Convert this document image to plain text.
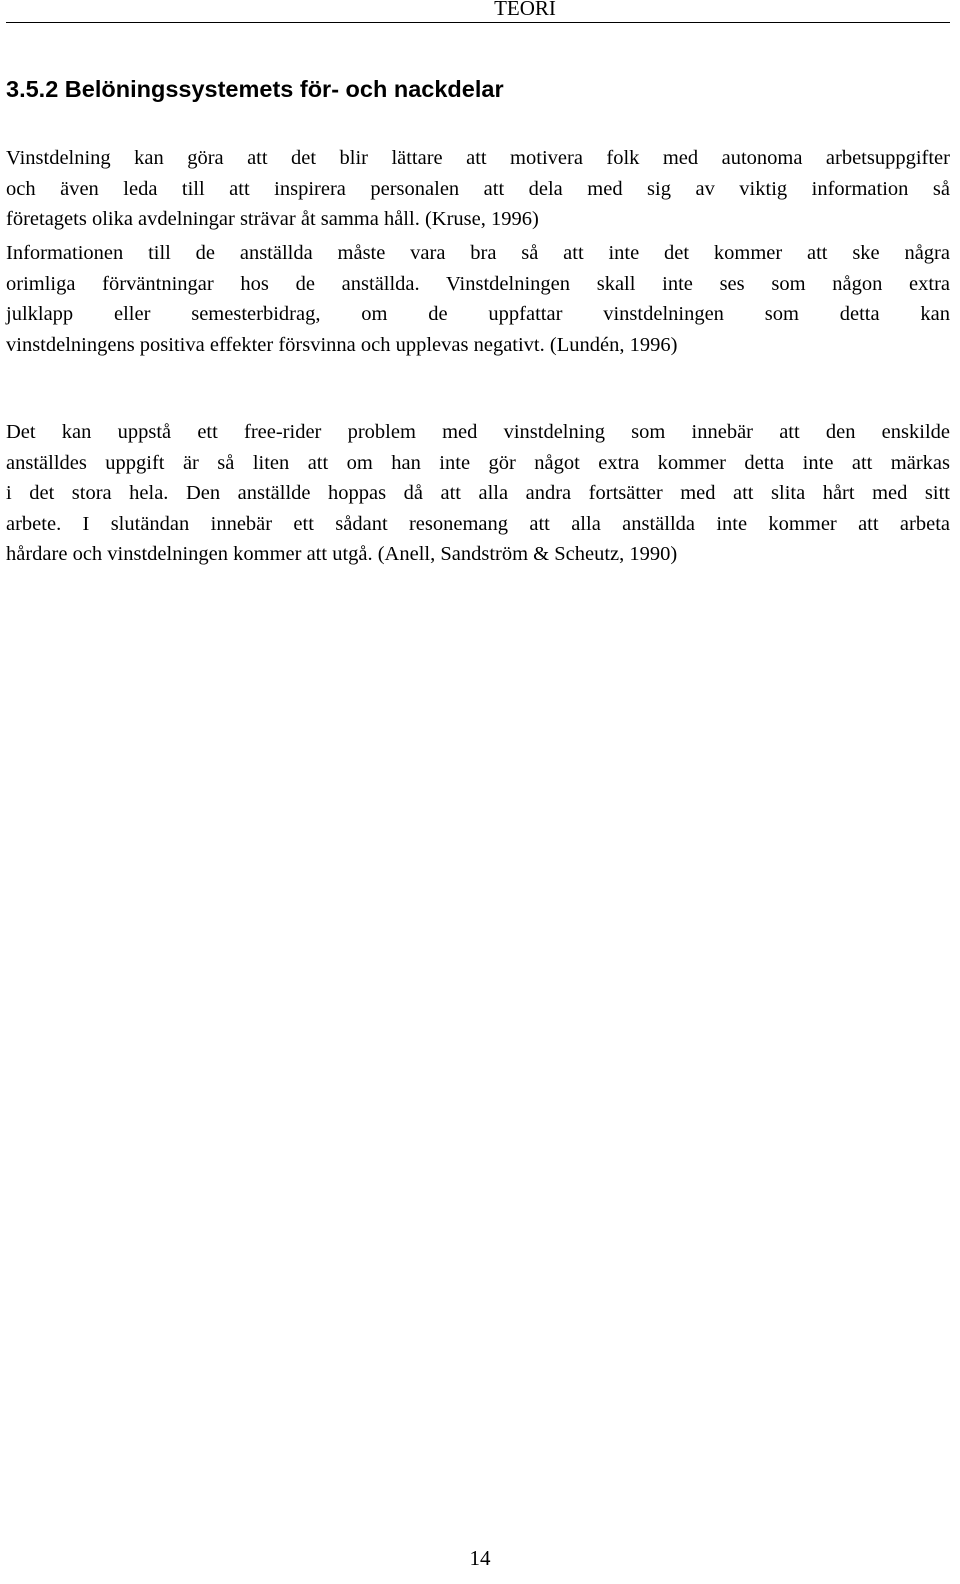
TEORI
3.5.2 Belöningssystemets för- och nackdelar
Vinstdelning kan göra att det blir lättare att motivera folk med autonoma arbetsuppgifter
och även leda till att inspirera personalen att dela med sig av viktig information så
företagets olika avdelningar strävar åt samma håll. (Kruse, 1996)
Informationen till de anställda måste vara bra så att inte det kommer att ske några
orimliga förväntningar hos de anställda. Vinstdelningen skall inte ses som någon extra
julklapp eller semesterbidrag, om de uppfattar vinstdelningen som detta kan
vinstdelningens positiva effekter försvinna och upplevas negativt. (Lundén, 1996)
Det kan uppstå ett free-rider problem med vinstdelning som innebär att den enskilde
anställdes uppgift är så liten att om han inte gör något extra kommer detta inte att märkas
i det stora hela. Den anställde hoppas då att alla andra fortsätter med att slita hårt med sitt
arbete. I slutändan innebär ett sådant resonemang att alla anställda inte kommer att arbeta
hårdare och vinstdelningen kommer att utgå. (Anell, Sandström & Scheutz, 1990)
14
